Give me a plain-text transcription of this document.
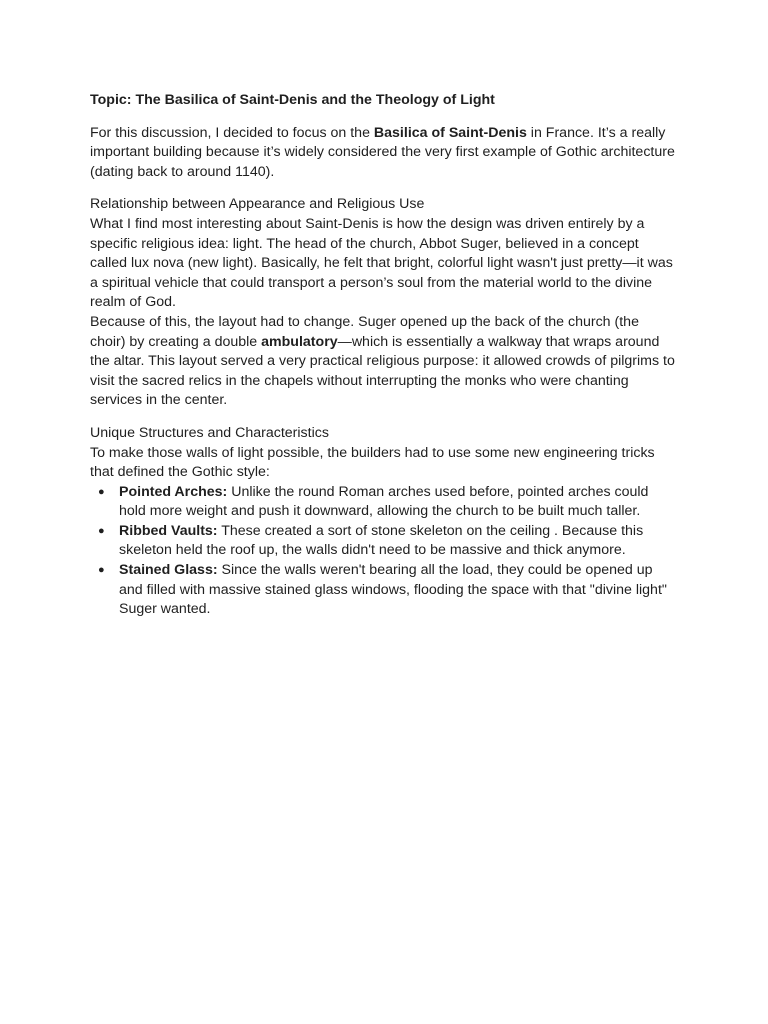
Topic: The Basilica of Saint-Denis and the Theology of Light

For this discussion, I decided to focus on the Basilica of Saint-Denis in France. It’s a really important building because it’s widely considered the very first example of Gothic architecture (dating back to around 1140).

Relationship between Appearance and Religious Use

What I find most interesting about Saint-Denis is how the design was driven entirely by a specific religious idea: light. The head of the church, Abbot Suger, believed in a concept called lux nova (new light). Basically, he felt that bright, colorful light wasn't just pretty—it was a spiritual vehicle that could transport a person’s soul from the material world to the divine realm of God.

Because of this, the layout had to change. Suger opened up the back of the church (the choir) by creating a double ambulatory—which is essentially a walkway that wraps around the altar. This layout served a very practical religious purpose: it allowed crowds of pilgrims to visit the sacred relics in the chapels without interrupting the monks who were chanting services in the center.

Unique Structures and Characteristics

To make those walls of light possible, the builders had to use some new engineering tricks that defined the Gothic style:

● Pointed Arches: Unlike the round Roman arches used before, pointed arches could hold more weight and push it downward, allowing the church to be built much taller.
● Ribbed Vaults: These created a sort of stone skeleton on the ceiling . Because this skeleton held the roof up, the walls didn't need to be massive and thick anymore.
● Stained Glass: Since the walls weren't bearing all the load, they could be opened up and filled with massive stained glass windows, flooding the space with that "divine light" Suger wanted.
